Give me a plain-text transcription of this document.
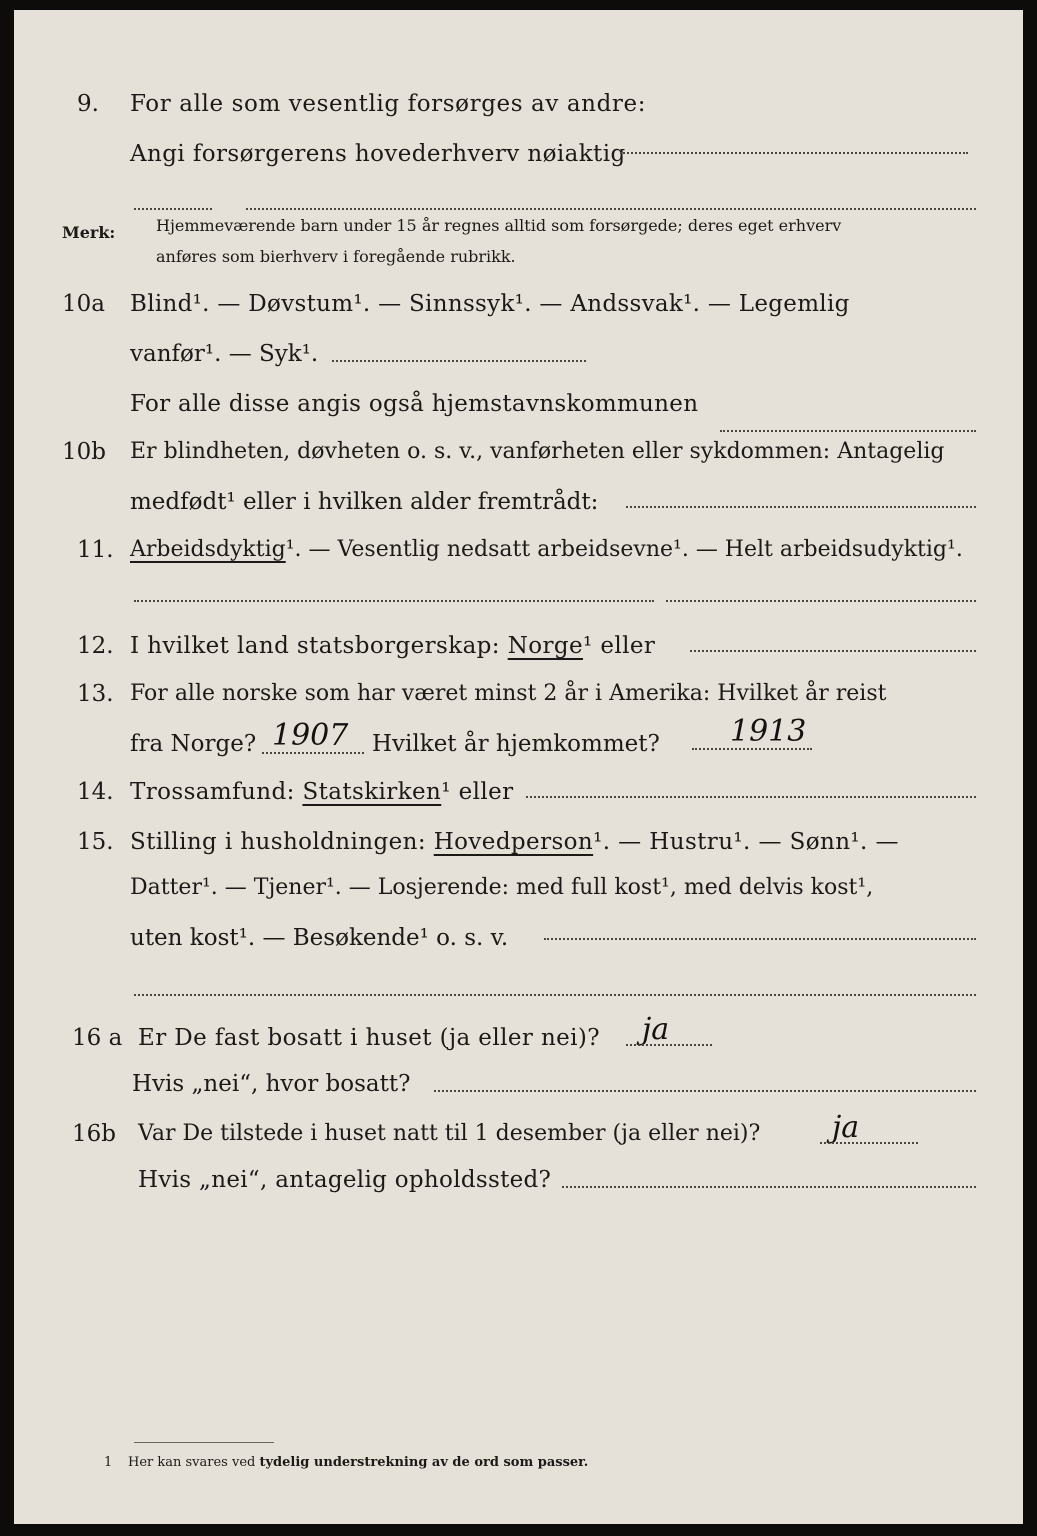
9. For alle som vesentlig forsørges av andre:
Angi forsørgerens hovederhverv nøiaktig
Merk:	Hjemmeværende barn under 15 år regnes alltid som forsørgede; deres eget erhverv
anføres som bierhverv i foregående rubrikk.
10a Blind¹. — Døvstum¹. — Sinnssyk¹. — Andssvak¹. — Legemlig
vanfør¹. — Syk¹.
For alle disse angis også hjemstavnskommunen
10b Er blindheten, døvheten o. s. v., vanførheten eller sykdommen: Antagelig
medfødt¹ eller i hvilken alder fremtrådt:
11. Arbeidsdyktig¹. — Vesentlig nedsatt arbeidsevne¹. — Helt arbeidsudyktig¹.
12. I hvilket land statsborgerskap: Norge¹ eller
13. For alle norske som har været minst 2 år i Amerika: Hvilket år reist
fra Norge? 1907 Hvilket år hjemkommet? 1913
14. Trossamfund: Statskirken¹ eller
15. Stilling i husholdningen: Hovedperson¹. — Hustru¹. — Sønn¹. —
Datter¹. — Tjener¹. — Losjerende: med full kost¹, med delvis kost¹,
uten kost¹. — Besøkende¹ o. s. v.
16 a Er De fast bosatt i huset (ja eller nei)? ja
Hvis „nei“, hvor bosatt?
16b Var De tilstede i huset natt til 1 desember (ja eller nei)? ja
Hvis „nei“, antagelig opholdssted?
1 Her kan svares ved tydelig understrekning av de ord som passer.
